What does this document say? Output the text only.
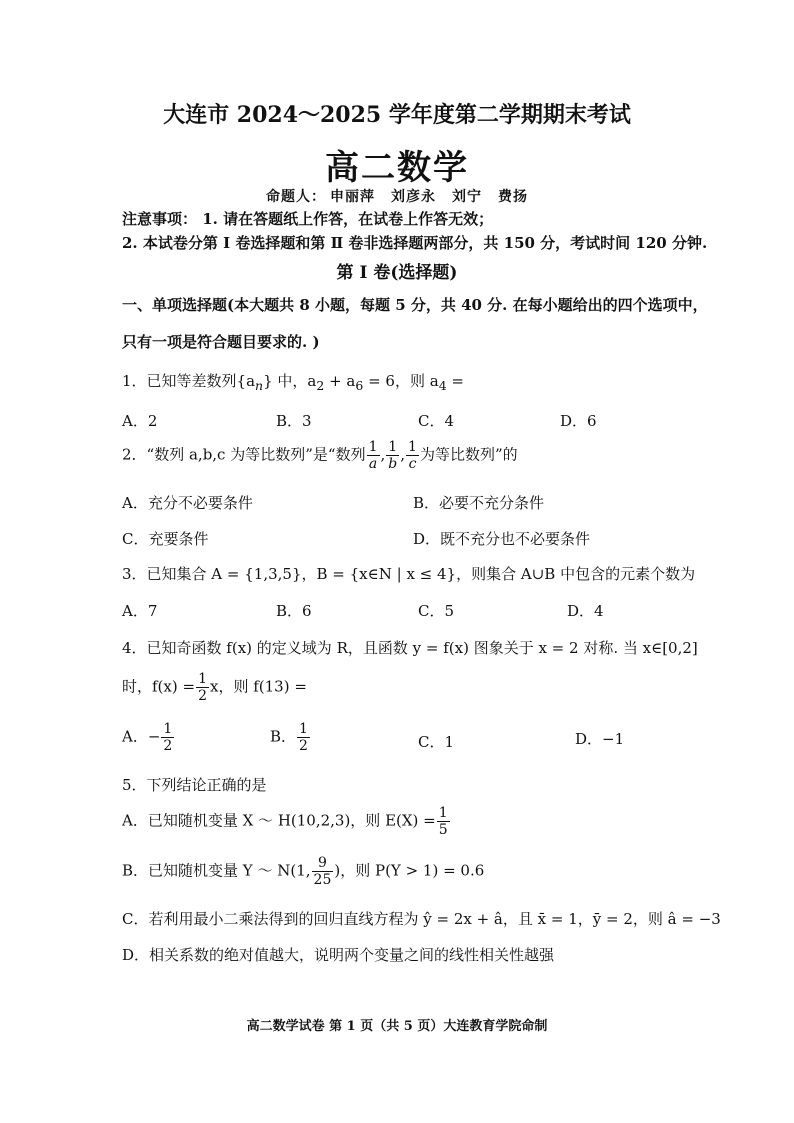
大连市 2024～2025 学年度第二学期期末考试
高二数学
命题人： 申丽萍 刘彦永 刘宁 费扬
注意事项： 1. 请在答题纸上作答，在试卷上作答无效；
2. 本试卷分第 Ⅰ 卷选择题和第 Ⅱ 卷非选择题两部分，共 150 分，考试时间 120 分钟.
第 Ⅰ 卷(选择题)
一、单项选择题(本大题共 8 小题，每题 5 分，共 40 分. 在每小题给出的四个选项中，
只有一项是符合题目要求的. )
1．已知等差数列$\{a_n\}$ 中，$a_2 + a_6 = 6$，则 $a_4$ =
A．2	B．3	C．4	D．6
2．“数列 a,b,c 为等比数列”是“数列 $\frac{1}{a}$ , $\frac{1}{b}$ , $\frac{1}{c}$ 为等比数列”的
A．充分不必要条件	B．必要不充分条件
C．充要条件	D．既不充分也不必要条件
3．已知集合 A = {1,3,5}，B = {x∈N | x ≤ 4}，则集合 A∪B 中包含的元素个数为
A．7	B．6	C．5	D．4
4．已知奇函数 f(x) 的定义域为 R，且函数 y = f(x) 图象关于 x = 2 对称. 当 x∈[0,2]
时，$f(x) = \frac{1}{2}$ x，则 f(13) =
A．− $\frac{1}{2}$	B． $\frac{1}{2}$	C．1	D．−1
5．下列结论正确的是
A．已知随机变量 X ～ H(10,2,3)，则 $E(X) = \frac{1}{5}$
B．已知随机变量 Y ～ N(1, $\frac{9}{25}$ )，则 P(Y > 1) = 0.6
C．若利用最小二乘法得到的回归直线方程为 ŷ = 2x + â，且 x̄ = 1，ȳ = 2，则 â = −3
D．相关系数的绝对值越大，说明两个变量之间的线性相关性越强
高二数学试卷 第 1 页（共 5 页）大连教育学院命制
